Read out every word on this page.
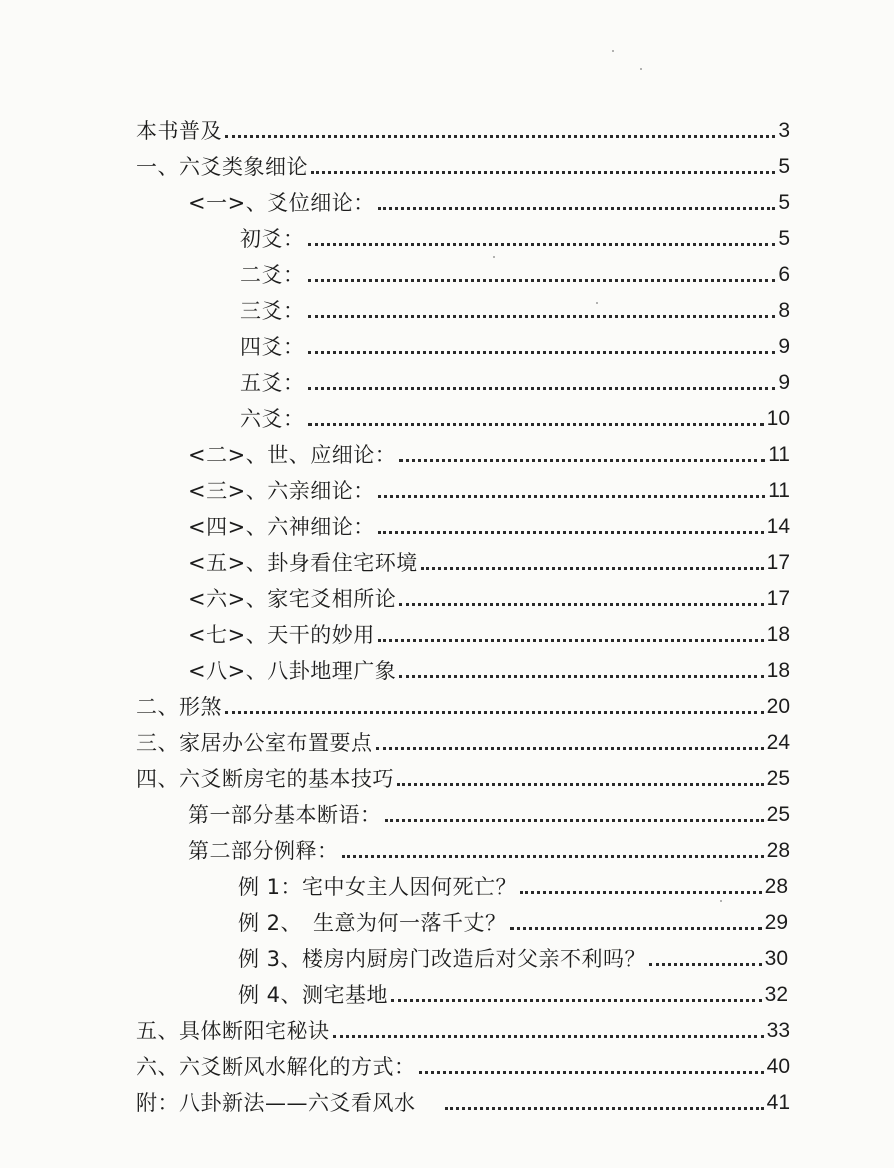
本书普及	3
一、六爻类象细论	5
<一>、爻位细论：	5
初爻：	5
二爻：	6
三爻：	8
四爻：	9
五爻：	9
六爻：	10
<二>、世、应细论：	11
<三>、六亲细论：	11
<四>、六神细论：	14
<五>、卦身看住宅环境	17
<六>、家宅爻相所论	17
<七>、天干的妙用	18
<八>、八卦地理广象	18
二、形煞	20
三、家居办公室布置要点	24
四、六爻断房宅的基本技巧	25
第一部分基本断语：	25
第二部分例释：	28
例 1：宅中女主人因何死亡？	28
例 2、　生意为何一落千丈？	29
例 3、楼房内厨房门改造后对父亲不利吗？	30
例 4、测宅基地	32
五、具体断阳宅秘诀	33
六、六爻断风水解化的方式：	40
附：八卦新法——六爻看风水	41
